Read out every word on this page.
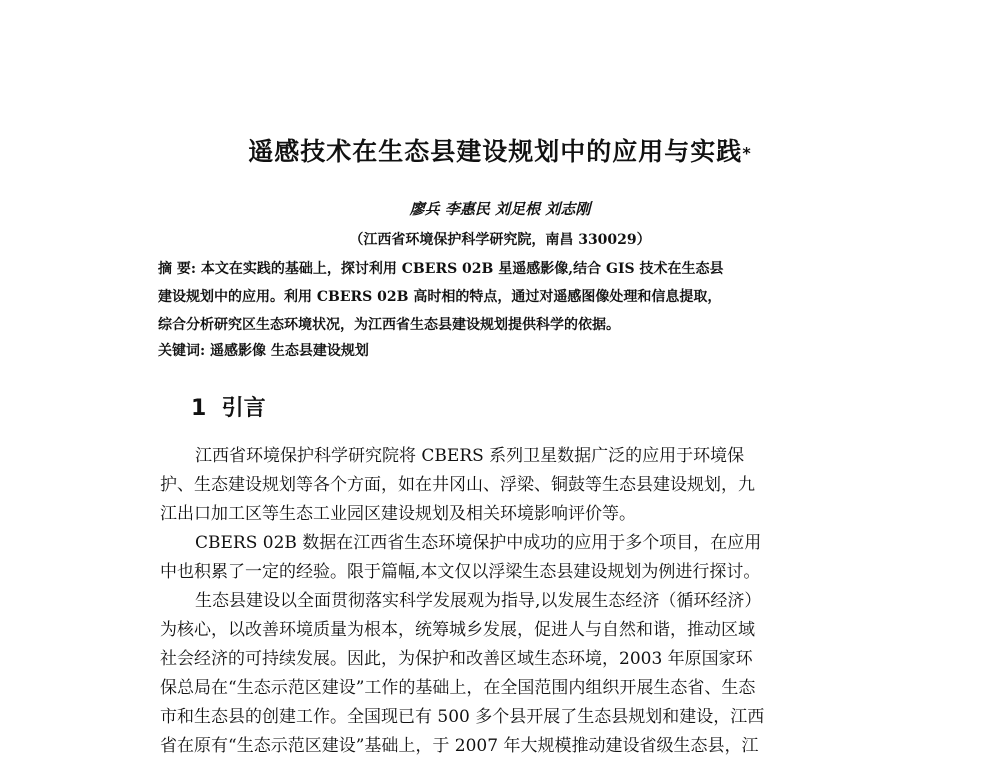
遥感技术在生态县建设规划中的应用与实践*
廖兵 李惠民 刘足根 刘志刚
（江西省环境保护科学研究院，南昌 330029）
摘 要: 本文在实践的基础上，探讨利用 CBERS 02B 星遥感影像,结合 GIS 技术在生态县
建设规划中的应用。利用 CBERS 02B 高时相的特点，通过对遥感图像处理和信息提取，
综合分析研究区生态环境状况，为江西省生态县建设规划提供科学的依据。
关键词: 遥感影像 生态县建设规划
1 引言
江西省环境保护科学研究院将 CBERS 系列卫星数据广泛的应用于环境保
护、生态建设规划等各个方面，如在井冈山、浮梁、铜鼓等生态县建设规划，九
江出口加工区等生态工业园区建设规划及相关环境影响评价等。
CBERS 02B 数据在江西省生态环境保护中成功的应用于多个项目，在应用
中也积累了一定的经验。限于篇幅,本文仅以浮梁生态县建设规划为例进行探讨。
生态县建设以全面贯彻落实科学发展观为指导,以发展生态经济（循环经济）
为核心，以改善环境质量为根本，统筹城乡发展，促进人与自然和谐，推动区域
社会经济的可持续发展。因此，为保护和改善区域生态环境，2003 年原国家环
保总局在“生态示范区建设”工作的基础上，在全国范围内组织开展生态省、生态
市和生态县的创建工作。全国现已有 500 多个县开展了生态县规划和建设，江西
省在原有“生态示范区建设”基础上，于 2007 年大规模推动建设省级生态县，江
